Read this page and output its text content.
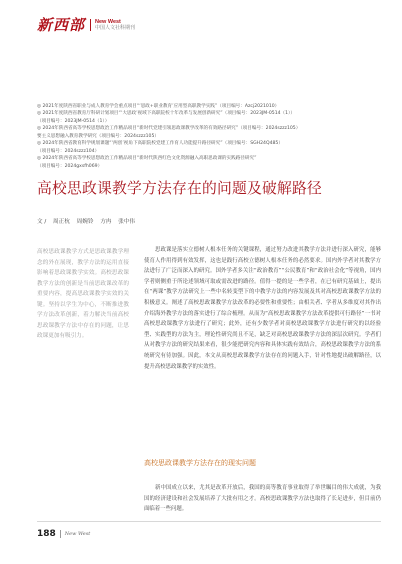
新西部 New West
中国人文社科期刊
◎ 2021年度陕西省职业与成人教育学会重点项目“‘思政+职业教育’应用型高职教学实践”（项目编号：Azcj2021010）
◎ 2021年度陕西省教育厅科研计划项目“‘大思政’视域下高职院校十年改革与发展创新研究”（项目编号：2023JM-0514（1））
（项目编号：2023JM-0514（1））
◎ 2024年陕西省高等学校思想政治工作精品项目“新时代党建引领思政课教学改革的有效路径研究”（项目编号：2024szzz105）
要主义思想融入教育教学研究（项目编号：2024szzz105）
◎ 2024年陕西省教育科学规划课题“‘两创’视角下高职院校党建工作育人功能提升路径研究”（项目编号：SGH24Q485）
（项目编号：2024szzz104）
◎ 2024年陕西省高等学校思想政治工作精品项目“新时代陕西红色文化资源融入高职思政课的实践路径研究”
（项目编号：2024gxsfh069）
高校思政课教学方法存在的问题及破解路径
文 / 周正杭 周婉铃 方冉 张中伟
高校思政课教学方式是思政课教学理念的外在展现，教学方法的运用直接影响着思政课教学实效。高校思政课教学方法的创新是当前思政课改革的重要内容，提高思政课教学实效的关键。坚持以学生为中心，不断推进教学方法改革创新，着力解决当前高校思政课教学方法中存在的问题，让思政课更加有吸引力。

思政课是落实立德树人根本任务的关键课程，通过努力改进其教学方法并进行深入研究，能够使育人作用得到有效发挥，这也是践行高校立德树人根本任务的必然要求。国内外学者对其教学方法进行了广泛而深入的研究。国外学者多关注“政治教育”“公民教育”和“政治社会化”等视角，国内学者则侧重于所论述领域可取或需改进的路径。值得一提的是一些学者，在已有研究基础上，提出在“两课”教学方法研究上一些中名转变型下的中教学方法的内容发展及其对高校思政课教学方法的积极意义。阐述了高校思政课教学方法改革的必要性和重要性；由相关者、学者从多维度对其作出介绍海外教学方法的落实进行了综合梳理。从而为“高校思政课教学方法改革提供可行路径”一书对高校思政课教学方法进行了研究；此外，还有少数学者对高校思政课教学方法进行研究的以经验型、实践型的方法为主，理论性研究尚且不足，缺乏对高校思政课教学方法的深层次研究。学者们从对教学方法的研究结果来看，很少能把研究内容和具体实践有效结合，高校思政课教学方法的系统研究有待加强。因此，本文从高校思政课教学方法存在的问题入手，针对性地提出破解路径，以提升高校思政课教学的实效性。

高校思政课教学方法存在的现实问题

新中国成立以来，尤其是改革开放后，我国的高等教育事业取得了举世瞩目的伟大成就，为我国的经济建设和社会发展培养了大批有用之才。高校思政课教学方法也取得了长足进步，但目前仍面临着一些问题。

188 New West
